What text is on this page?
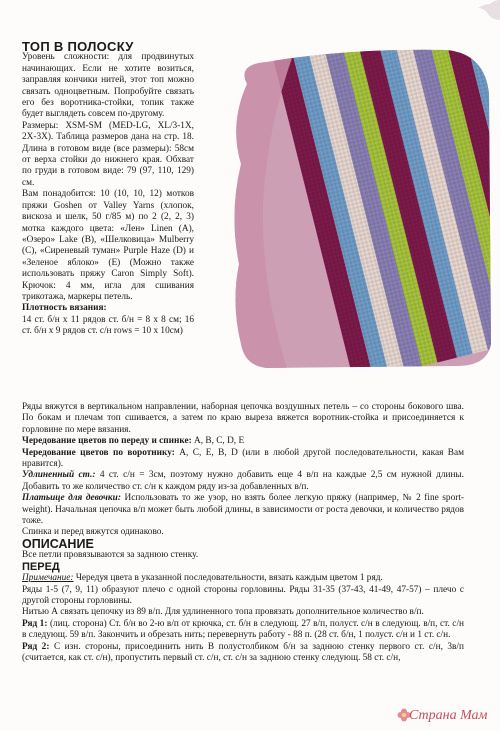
ТОП В ПОЛОСКУ

Уровень сложности: для продвинутых начинающих. Если не хотите возиться, заправляя кончики нитей, этот топ можно связать одноцветным. Попробуйте связать его без воротника-стойки, топик также будет выглядеть совсем по-другому.

Размеры: XSM-SM (MED-LG, XL/3-1X, 2X-3X). Таблица размеров дана на стр. 18. Длина в готовом виде (все размеры): 58см от верха стойки до нижнего края. Обхват по груди в готовом виде: 79 (97, 110, 129) см.

Вам понадобится: 10 (10, 10, 12) мотков пряжи Goshen от Valley Yarns (хлопок, вискоза и шелк, 50 г/85 м) по 2 (2, 2, 3) мотка каждого цвета: «Лен» Linen (A), «Озеро» Lake (B), «Шелковица» Mulberry (C), «Сиреневый туман» Purple Haze (D) и «Зеленое яблоко» (E) (Можно также использовать пряжу Caron Simply Soft). Крючок: 4 мм, игла для сшивания трикотажа, маркеры петель.

Плотность вязания:

14 ст. б/н х 11 рядов ст. б/н = 8 х 8 см; 16 ст. б/н х 9 рядов ст. с/н rows = 10 х 10см)

Ряды вяжутся в вертикальном направлении, наборная цепочка воздушных петель – со стороны бокового шва. По бокам и плечам топ сшивается, а затем по краю выреза вяжется воротник-стойка и присоединяется к горловине по мере вязания.

Чередование цветов по переду и спинке: A, B, C, D, E

Чередование цветов по воротнику: A, C, E, B, D (или в любой другой последовательности, какая Вам нравится).

Удлиненный ст.: 4 ст. с/н = 3см, поэтому нужно добавить еще 4 в/п на каждые 2,5 см нужной длины. Добавить то же количество ст. с/н к каждом ряду из-за добавленных в/п.

Платьице для девочки: Использовать то же узор, но взять более легкую пряжу (например, № 2 fine sport-weight). Начальная цепочка в/п может быть любой длины, в зависимости от роста девочки, и количество рядов тоже.

Спинка и перед вяжутся одинаково.

ОПИСАНИЕ

Все петли провязываются за заднюю стенку.

ПЕРЕД

Примечание: Чередуя цвета в указанной последовательности, вязать каждым цветом 1 ряд.

Ряды 1-5 (7, 9, 11) образуют плечо с одной стороны горловины. Ряды 31-35 (37-43, 41-49, 47-57) – плечо с другой стороны горловины.

Нитью А связать цепочку из 89 в/п. Для удлиненного топа провязать дополнительное количество в/п.

Ряд 1: (лиц. сторона) Ст. б/н во 2-ю в/п от крючка, ст. б/н в следующ. 27 в/п, полуст. с/н в следующ. в/п, ст. с/н в следующ. 59 в/п. Закончить и обрезать нить; перевернуть работу - 88 п. (28 ст. б/н, 1 полуст. с/н и 1 ст. с/н.

Ряд 2: С изн. стороны, присоединить нить В полустолбиком б/н за заднюю стенку первого ст. с/н, 3в/п (считается, как ст. с/н), пропустить первый ст. с/н, ст. с/н за заднюю стенку следующ. 58 ст. с/н,

Страна Мам
